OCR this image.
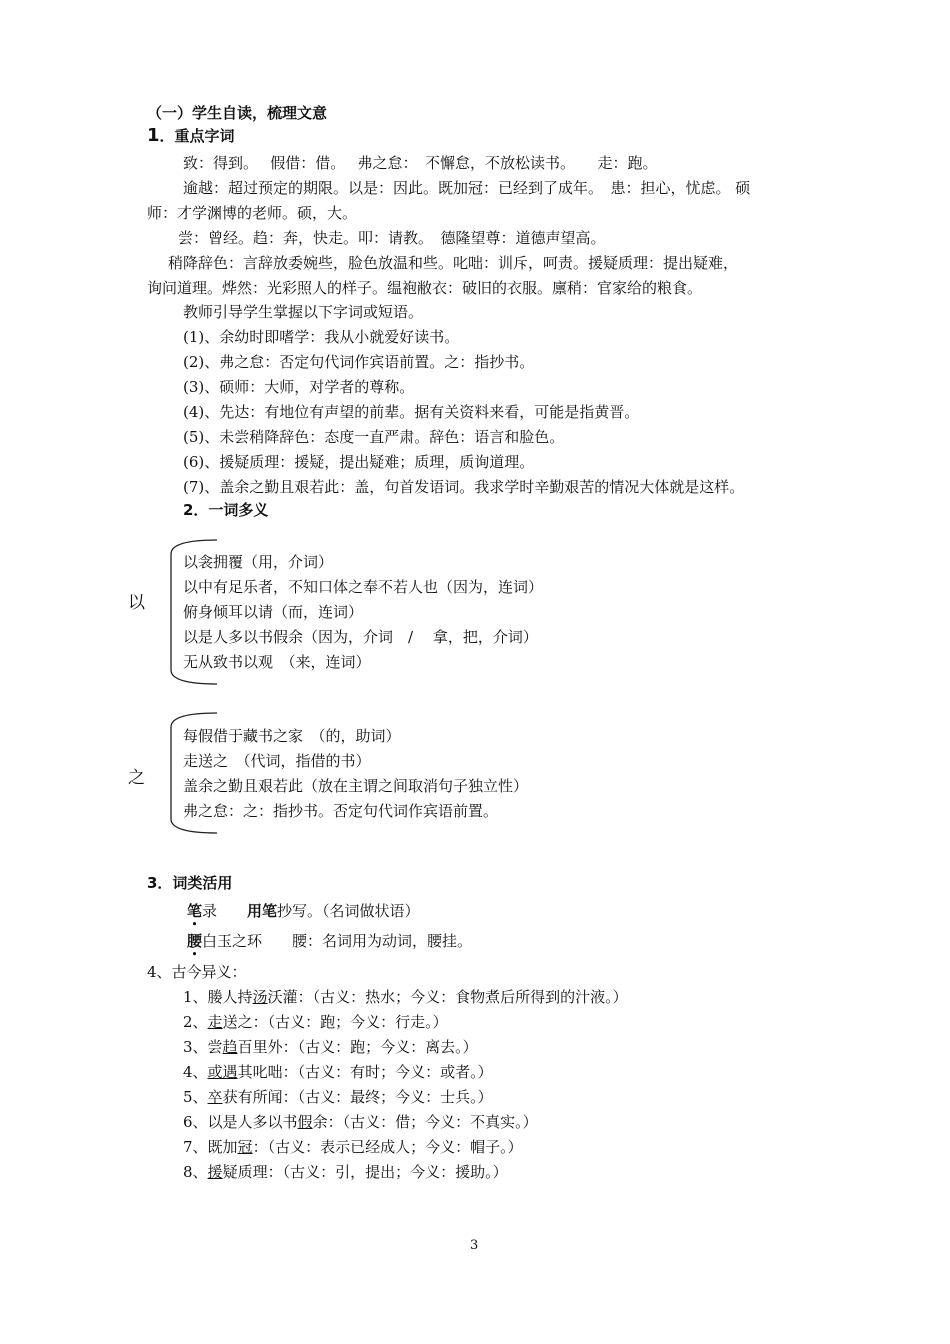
（一）学生自读，梳理文意
1．重点字词
致：得到。　 假借：借。　 弗之怠：　不懈怠，不放松读书。　　走：跑。
逾越：超过预定的期限。以是：因此。既加冠：已经到了成年。　患：担心，忧虑。 硕
师：才学渊博的老师。硕，大。
尝：曾经。趋：奔，快走。叩：请教。　德隆望尊：道德声望高。
稍降辞色：言辞放委婉些，脸色放温和些。叱咄：训斥，呵责。援疑质理：提出疑难，
询问道理。烨然：光彩照人的样子。缊袍敝衣：破旧的衣服。廪稍：官家给的粮食。
教师引导学生掌握以下字词或短语。
(1)、余幼时即嗜学：我从小就爱好读书。
(2)、弗之怠：否定句代词作宾语前置。之：指抄书。
(3)、硕师：大师，对学者的尊称。
(4)、先达：有地位有声望的前辈。据有关资料来看，可能是指黄晋。
(5)、未尝稍降辞色：态度一直严肃。辞色：语言和脸色。
(6)、援疑质理：援疑，提出疑难；质理，质询道理。
(7)、盖余之勤且艰若此：盖，句首发语词。我求学时辛勤艰苦的情况大体就是这样。
2．一词多义
以
以衾拥覆（用，介词）
以中有足乐者，不知口体之奉不若人也（因为，连词）
俯身倾耳以请（而，连词）
以是人多以书假余（因为，介词　/　 拿，把，介词）
无从致书以观　（来，连词）
之
每假借于藏书之家　（的，助词）
走送之　（代词，指借的书）
盖余之勤且艰若此（放在主谓之间取消句子独立性）
弗之怠：之：指抄书。否定句代词作宾语前置。
3．词类活用
笔录 用笔抄写。（名词做状语）
腰白玉之环 腰：名词用为动词，腰挂。
4、古今异义：
1、媵人持汤沃灌：（古义：热水；今义：食物煮后所得到的汁液。）
2、走送之：（古义：跑；今义：行走。）
3、尝趋百里外：（古义：跑；今义：离去。）
4、或遇其叱咄：（古义：有时；今义：或者。）
5、卒获有所闻：（古义：最终；今义：士兵。）
6、以是人多以书假余：（古义：借；今义：不真实。）
7、既加冠：（古义：表示已经成人；今义：帽子。）
8、援疑质理：（古义：引，提出；今义：援助。）
3
